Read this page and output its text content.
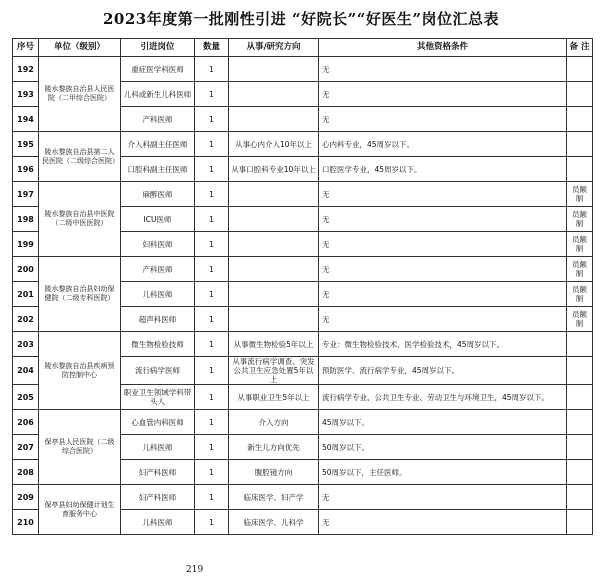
2023年度第一批刚性引进 “好院长”“好医生”岗位汇总表
序号	单位（级别）	引进岗位	数量	从事/研究方向	其他资格条件	备 注
192	陵水黎族自治县人民医院（二甲综合医院）	重症医学科医师	1		无	
193		儿科或新生儿科医师	1		无	
194		产科医师	1		无	
195	陵水黎族自治县第二人民医院（二级综合医院）	介入科副主任医师	1	从事心内介入10年以上	心内科专业，45周岁以下。	
196		口腔科副主任医师	1	从事口腔科专业10年以上	口腔医学专业，45周岁以下。	
197	陵水黎族自治县中医院（二级中医医院）	麻醉医师	1		无	员额制
198		ICU医师	1		无	员额制
199		妇科医师	1		无	员额制
200	陵水黎族自治县妇幼保健院（二级专科医院）	产科医师	1		无	员额制
201		儿科医师	1		无	员额制
202		超声科医师	1		无	员额制
203	陵水黎族自治县疾病预防控制中心	微生物检验技师	1	从事微生物检验5年以上	专业：微生物检验技术、医学检验技术，45周岁以下。	
204		流行病学医师	1	从事流行病学调查、突发公共卫生应急处置5年以上	预防医学、流行病学专业，45周岁以下。	
205		职业卫生领域学科带头人	1	从事职业卫生5年以上	流行病学专业、公共卫生专业、劳动卫生与环境卫生，45周岁以下。	
206	保亭县人民医院（二级综合医院）	心血管内科医师	1	介入方向	45周岁以下。	
207		儿科医师	1	新生儿方向优先	50周岁以下。	
208		妇产科医师	1	腹腔镜方向	50周岁以下，主任医师。	
209	保亭县妇幼保健计划生育服务中心	妇产科医师	1	临床医学、妇产学	无	
210		儿科医师	1	临床医学、儿科学	无	
219
